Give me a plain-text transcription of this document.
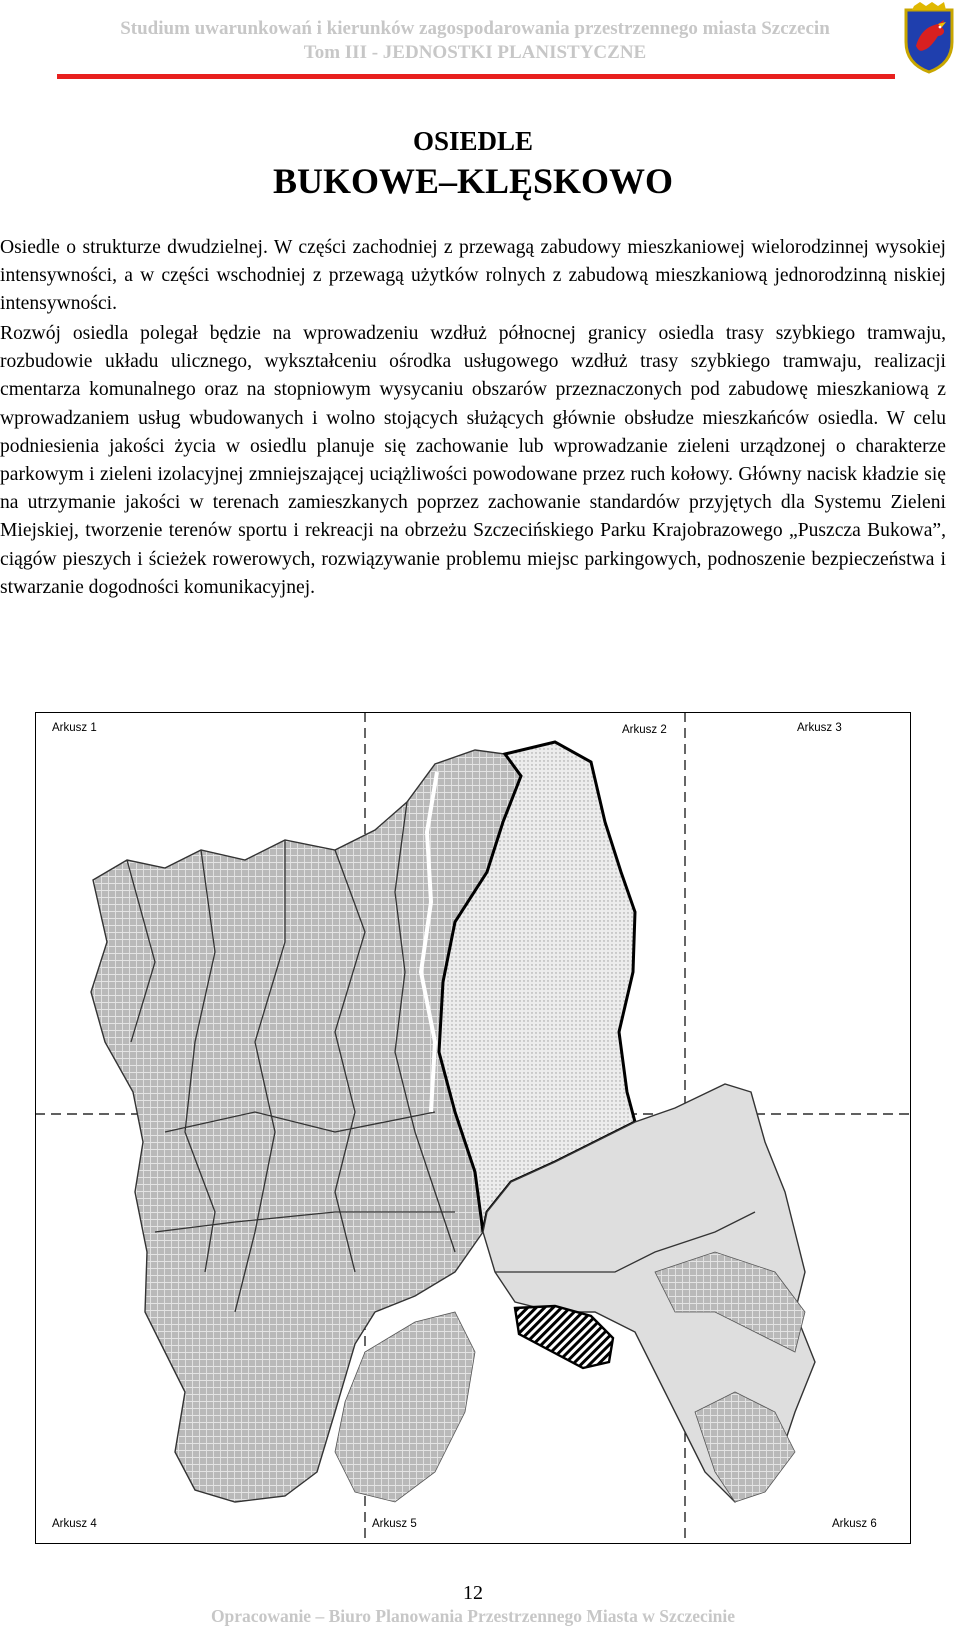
Studium uwarunkowań i kierunków zagospodarowania przestrzennego miasta Szczecin
Tom III - JEDNOSTKI PLANISTYCZNE
OSIEDLE
BUKOWE–KLĘSKOWO
Osiedle o strukturze dwudzielnej. W części zachodniej z przewagą zabudowy mieszkaniowej wielorodzinnej wysokiej intensywności, a w części wschodniej z przewagą użytków rolnych z zabudową mieszkaniową jednorodzinną niskiej intensywności.
Rozwój osiedla polegał będzie na wprowadzeniu wzdłuż północnej granicy osiedla trasy szybkiego tramwaju, rozbudowie układu ulicznego, wykształceniu ośrodka usługowego wzdłuż trasy szybkiego tramwaju, realizacji cmentarza komunalnego oraz na stopniowym wysycaniu obszarów przeznaczonych pod zabudowę mieszkaniową z wprowadzaniem usług wbudowanych i wolno stojących służących głównie obsłudze mieszkańców osiedla. W celu podniesienia jakości życia w osiedlu planuje się zachowanie lub wprowadzanie zieleni urządzonej o charakterze parkowym i zieleni izolacyjnej zmniejszającej uciążliwości powodowane przez ruch kołowy. Główny nacisk kładzie się na utrzymanie jakości w terenach zamieszkanych poprzez zachowanie standardów przyjętych dla Systemu Zieleni Miejskiej, tworzenie terenów sportu i rekreacji na obrzeżu Szczecińskiego Parku Krajobrazowego „Puszcza Bukowa”, ciągów pieszych i ścieżek rowerowych, rozwiązywanie problemu miejsc parkingowych, podnoszenie bezpieczeństwa i stwarzanie dogodności komunikacyjnej.
Arkusz 1	Arkusz 2	Arkusz 3
Arkusz 4	Arkusz 5	Arkusz 6
12
Opracowanie – Biuro Planowania Przestrzennego Miasta w Szczecinie
